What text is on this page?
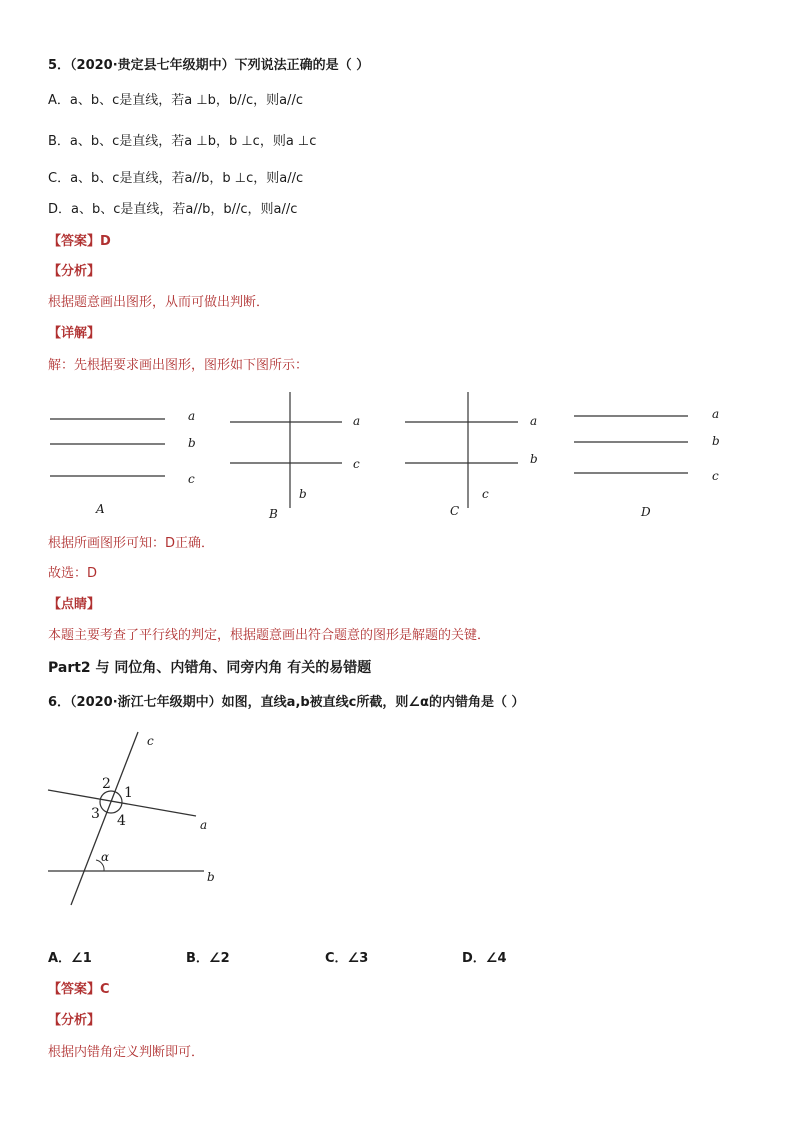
5．（2020·贵定县七年级期中）下列说法正确的是（ ）
A．a、b、c是直线，若a ⊥b，b//c，则a//c
B．a、b、c是直线，若a ⊥b，b ⊥c，则a ⊥c
C．a、b、c是直线，若a//b，b ⊥c，则a//c
D．a、b、c是直线，若a//b，b//c，则a//c
【答案】D
【分析】
根据题意画出图形，从而可做出判断．
【详解】
解：先根据要求画出图形，图形如下图所示：
a
b
c
A
a
c
b
B
a
b
c
C
a
b
c
D
根据所画图形可知：D正确．
故选：D
【点睛】
本题主要考查了平行线的判定，根据题意画出符合题意的图形是解题的关键．
Part2 与 同位角、内错角、同旁内角 有关的易错题
6．（2020·浙江七年级期中）如图，直线a,b被直线c所截，则∠α的内错角是（ ）
c
a
b
2
1
3 4
α
A．∠1	B．∠2	C．∠3	D．∠4
【答案】C
【分析】
根据内错角定义判断即可．
